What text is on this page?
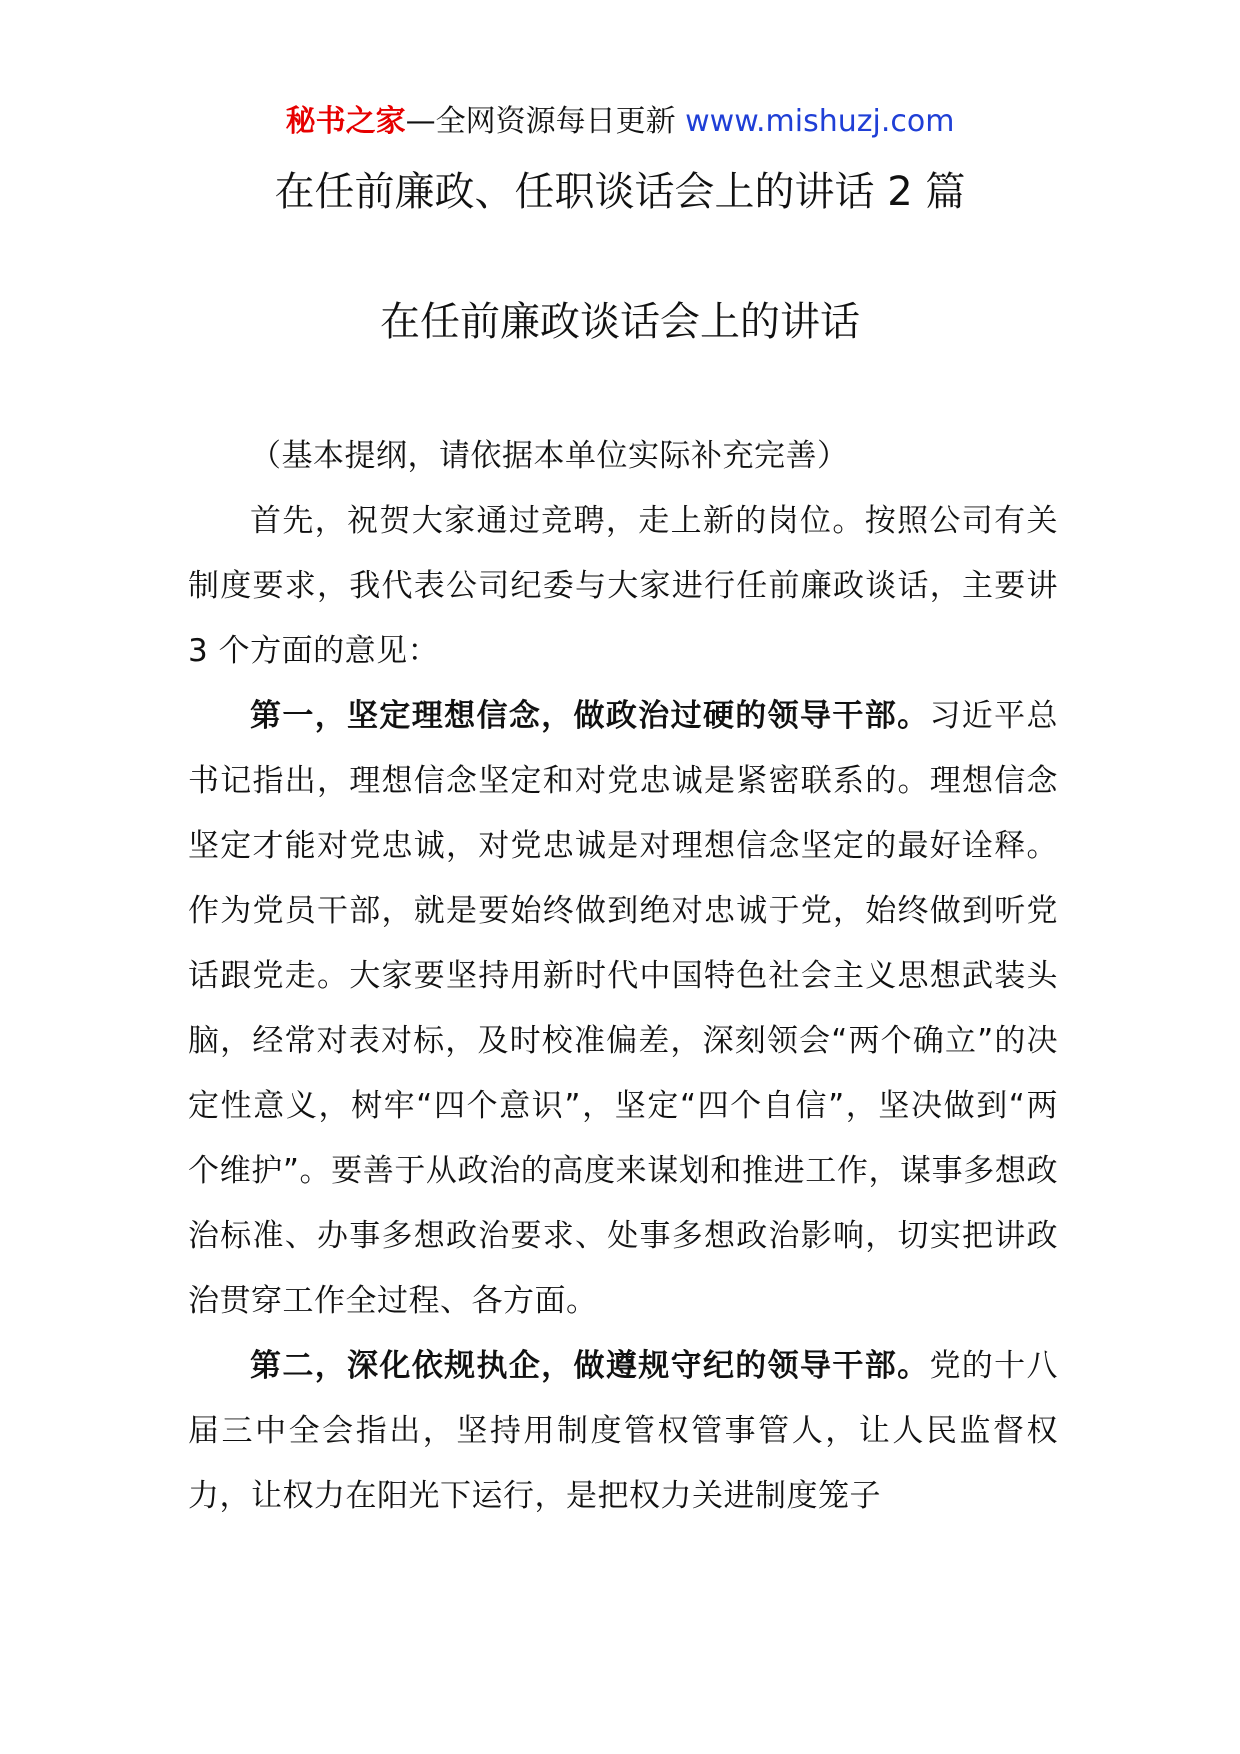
秘书之家—全网资源每日更新 www.mishuzj.com
在任前廉政、任职谈话会上的讲话 2 篇
在任前廉政谈话会上的讲话

（基本提纲，请依据本单位实际补充完善）

首先，祝贺大家通过竞聘，走上新的岗位。按照公司有关制度要求，我代表公司纪委与大家进行任前廉政谈话，主要讲 3 个方面的意见：

第一，坚定理想信念，做政治过硬的领导干部。习近平总书记指出，理想信念坚定和对党忠诚是紧密联系的。理想信念坚定才能对党忠诚，对党忠诚是对理想信念坚定的最好诠释。作为党员干部，就是要始终做到绝对忠诚于党，始终做到听党话跟党走。大家要坚持用新时代中国特色社会主义思想武装头脑，经常对表对标，及时校准偏差，深刻领会“两个确立”的决定性意义，树牢“四个意识”，坚定“四个自信”，坚决做到“两个维护”。要善于从政治的高度来谋划和推进工作，谋事多想政治标准、办事多想政治要求、处事多想政治影响，切实把讲政治贯穿工作全过程、各方面。

第二，深化依规执企，做遵规守纪的领导干部。党的十八届三中全会指出，坚持用制度管权管事管人，让人民监督权力，让权力在阳光下运行，是把权力关进制度笼子
